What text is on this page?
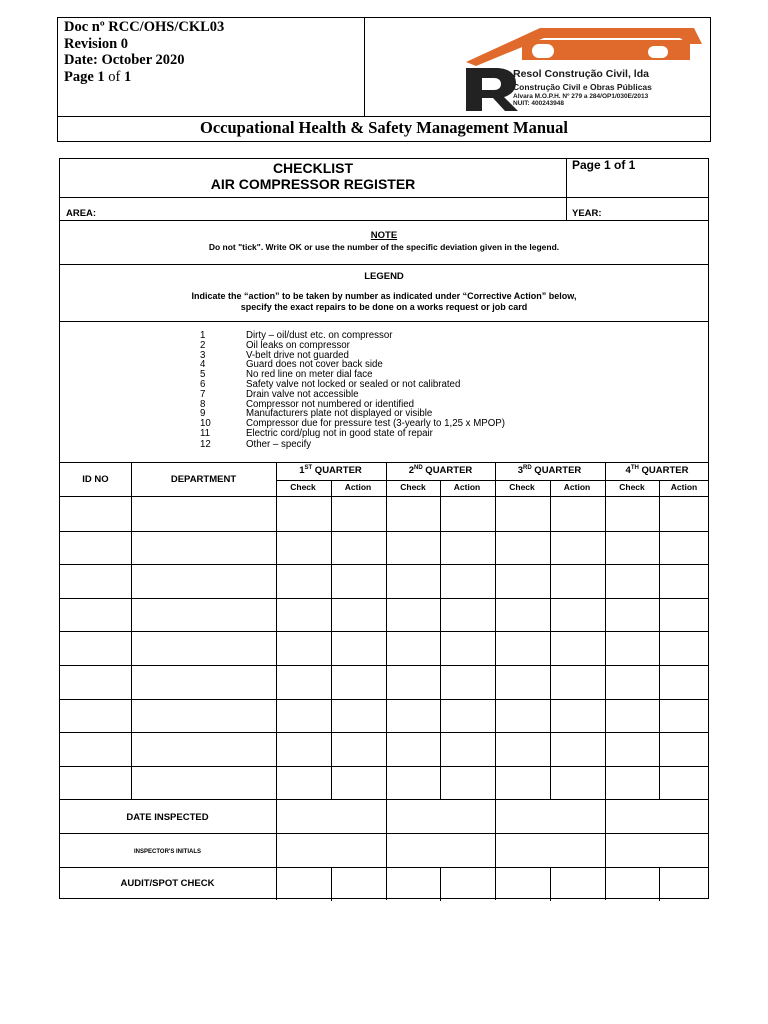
Doc nº RCC/OHS/CKL03
Revision 0
Date: October 2020
Page 1 of 1	Resol Construção Civil, lda
Construção Civil e Obras Públicas
Alvara M.O.P.H. Nº 279 a 284/OP1/030E/2013
NUIT: 400243948
Occupational Health & Safety Management Manual
CHECKLIST
AIR COMPRESSOR REGISTER
Page 1 of 1
AREA:	YEAR:
NOTE
Do not "tick". Write OK or use the number of the specific deviation given in the legend.
LEGEND
Indicate the “action” to be taken by number as indicated under “Corrective Action” below,
specify the exact repairs to be done on a works request or job card
1	Dirty – oil/dust etc. on compressor
2	Oil leaks on compressor
3	V-belt drive not guarded
4	Guard does not cover back side
5	No red line on meter dial face
6	Safety valve not locked or sealed or not calibrated
7	Drain valve not accessible
8	Compressor not numbered or identified
9	Manufacturers plate not displayed or visible
10	Compressor due for pressure test (3-yearly to 1,25 x MPOP)
11	Electric cord/plug not in good state of repair
12	Other – specify
ID NO	DEPARTMENT
1ST QUARTER	2ND QUARTER	3RD QUARTER	4TH QUARTER
Check	Action	Check	Action	Check	Action	Check	Action
DATE INSPECTED
INSPECTOR'S INITIALS
AUDIT/SPOT CHECK
